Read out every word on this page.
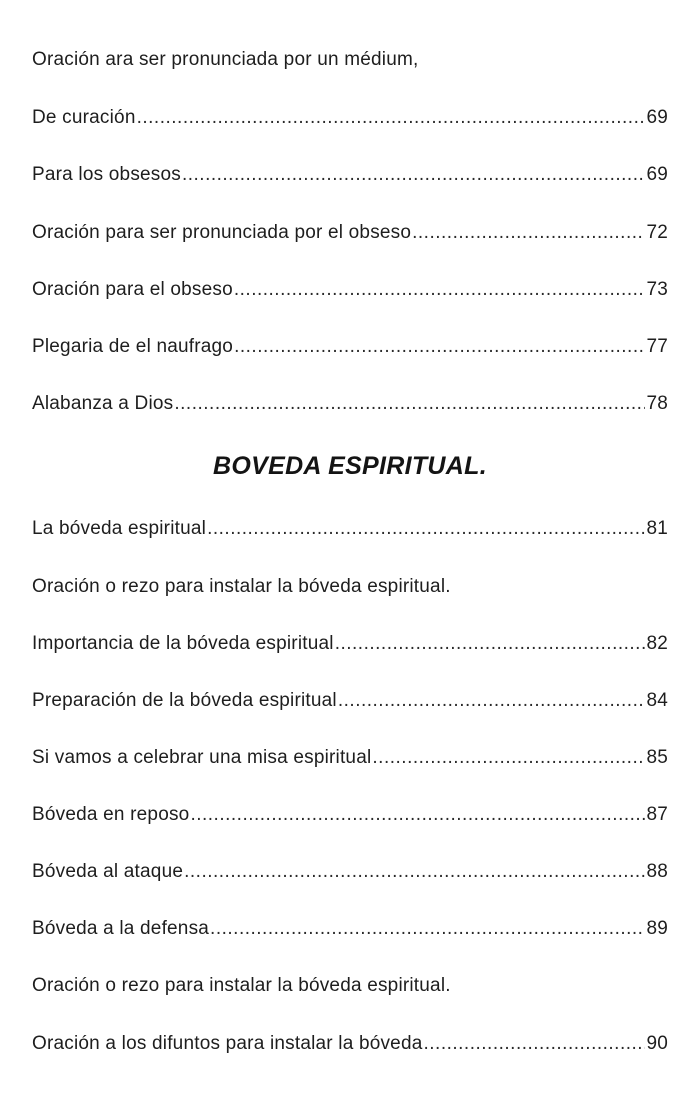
Oración ara ser pronunciada por un médium,
De curación .....	69
Para los obsesos .....	69
Oración para ser pronunciada por el obseso .....	72
Oración para el obseso .....	73
Plegaria de el naufrago .....	77
Alabanza a Dios .....	78
BOVEDA ESPIRITUAL.
La bóveda espiritual .....	81
Oración o rezo para instalar la bóveda espiritual.
Importancia de la bóveda espiritual .....	82
Preparación de la bóveda espiritual .....	84
Si vamos a celebrar una misa espiritual .....	85
Bóveda en reposo .....	87
Bóveda al ataque .....	88
Bóveda a la defensa .....	89
Oración o rezo para instalar la bóveda espiritual.
Oración a los difuntos para instalar la bóveda .....	90
